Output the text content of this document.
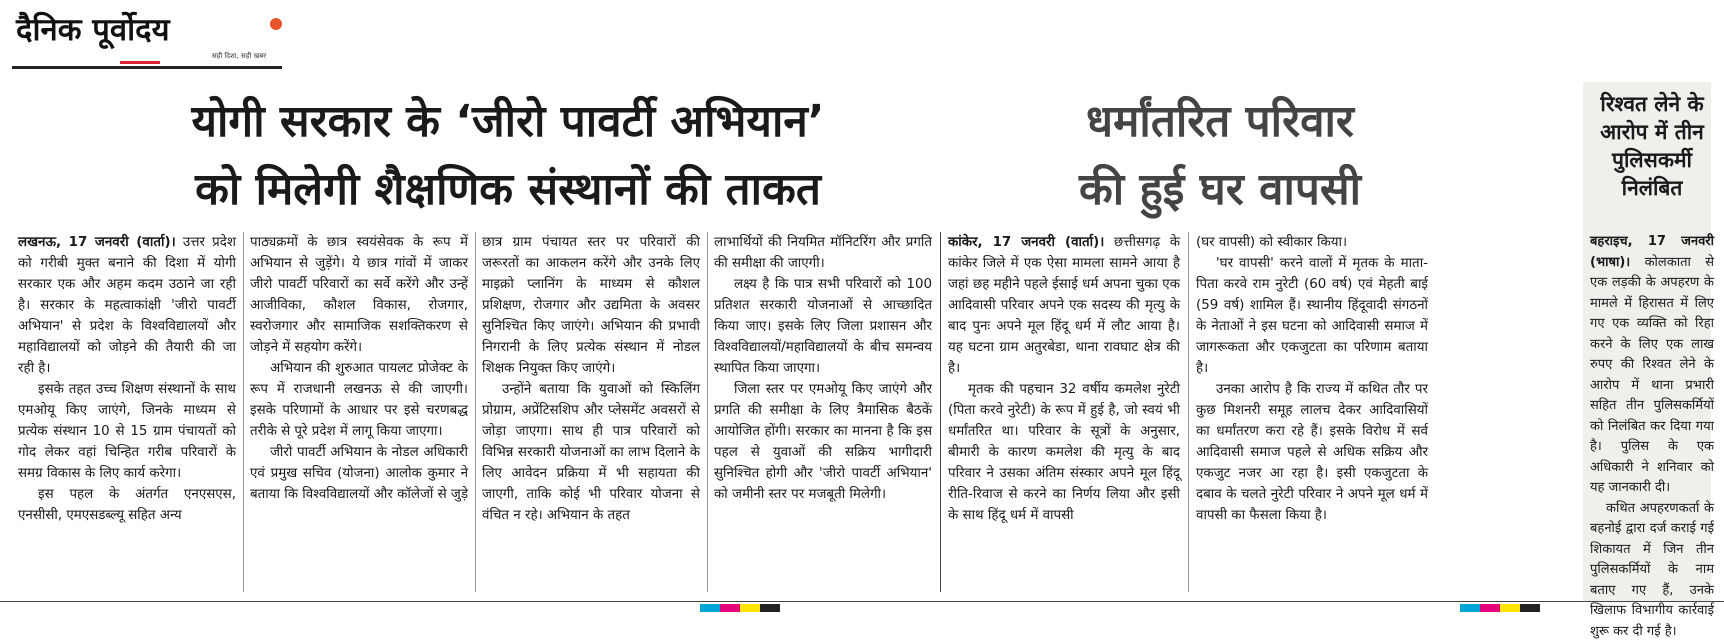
दैनिक पूर्वोदय
सही दिशा, सही खबर
योगी सरकार के ‘जीरो पावर्टी अभियान’
को मिलेगी शैक्षणिक संस्थानों की ताकत
धर्मांतरित परिवार
की हुई घर वापसी

लखनऊ, 17 जनवरी (वार्ता)। उत्तर प्रदेश को गरीबी मुक्त बनाने की दिशा में योगी सरकार एक और अहम कदम उठाने जा रही है। सरकार के महत्वाकांक्षी 'जीरो पावर्टी अभियान' से प्रदेश के विश्वविद्यालयों और महाविद्यालयों को जोड़ने की तैयारी की जा रही है।

इसके तहत उच्च शिक्षण संस्थानों के साथ एमओयू किए जाएंगे, जिनके माध्यम से प्रत्येक संस्थान 10 से 15 ग्राम पंचायतों को गोद लेकर वहां चिन्हित गरीब परिवारों के समग्र विकास के लिए कार्य करेगा।

इस पहल के अंतर्गत एनएसएस, एनसीसी, एमएसडब्ल्यू सहित अन्य

पाठ्यक्रमों के छात्र स्वयंसेवक के रूप में अभियान से जुड़ेंगे। ये छात्र गांवों में जाकर जीरो पावर्टी परिवारों का सर्वे करेंगे और उन्हें आजीविका, कौशल विकास, रोजगार, स्वरोजगार और सामाजिक सशक्तिकरण से जोड़ने में सहयोग करेंगे।

अभियान की शुरुआत पायलट प्रोजेक्ट के रूप में राजधानी लखनऊ से की जाएगी। इसके परिणामों के आधार पर इसे चरणबद्ध तरीके से पूरे प्रदेश में लागू किया जाएगा।

जीरो पावर्टी अभियान के नोडल अधिकारी एवं प्रमुख सचिव (योजना) आलोक कुमार ने बताया कि विश्वविद्यालयों और कॉलेजों से जुड़े

छात्र ग्राम पंचायत स्तर पर परिवारों की जरूरतों का आकलन करेंगे और उनके लिए माइक्रो प्लानिंग के माध्यम से कौशल प्रशिक्षण, रोजगार और उद्यमिता के अवसर सुनिश्चित किए जाएंगे। अभियान की प्रभावी निगरानी के लिए प्रत्येक संस्थान में नोडल शिक्षक नियुक्त किए जाएंगे।

उन्होंने बताया कि युवाओं को स्किलिंग प्रोग्राम, अप्रेंटिसशिप और प्लेसमेंट अवसरों से जोड़ा जाएगा। साथ ही पात्र परिवारों को विभिन्न सरकारी योजनाओं का लाभ दिलाने के लिए आवेदन प्रक्रिया में भी सहायता की जाएगी, ताकि कोई भी परिवार योजना से वंचित न रहे। अभियान के तहत

लाभार्थियों की नियमित मॉनिटरिंग और प्रगति की समीक्षा की जाएगी।

लक्ष्य है कि पात्र सभी परिवारों को 100 प्रतिशत सरकारी योजनाओं से आच्छादित किया जाए। इसके लिए जिला प्रशासन और विश्वविद्यालयों/महाविद्यालयों के बीच समन्वय स्थापित किया जाएगा।

जिला स्तर पर एमओयू किए जाएंगे और प्रगति की समीक्षा के लिए त्रैमासिक बैठकें आयोजित होंगी। सरकार का मानना है कि इस पहल से युवाओं की सक्रिय भागीदारी सुनिश्चित होगी और 'जीरो पावर्टी अभियान' को जमीनी स्तर पर मजबूती मिलेगी।

कांकेर, 17 जनवरी (वार्ता)। छत्तीसगढ़ के कांकेर जिले में एक ऐसा मामला सामने आया है जहां छह महीने पहले ईसाई धर्म अपना चुका एक आदिवासी परिवार अपने एक सदस्य की मृत्यु के बाद पुनः अपने मूल हिंदू धर्म में लौट आया है। यह घटना ग्राम अतुरबेडा, थाना रावघाट क्षेत्र की है।

मृतक की पहचान 32 वर्षीय कमलेश नुरेटी (पिता करवे नुरेटी) के रूप में हुई है, जो स्वयं भी धर्मांतरित था। परिवार के सूत्रों के अनुसार, बीमारी के कारण कमलेश की मृत्यु के बाद परिवार ने उसका अंतिम संस्कार अपने मूल हिंदू रीति-रिवाज से करने का निर्णय लिया और इसी के साथ हिंदू धर्म में वापसी

(घर वापसी) को स्वीकार किया।

'घर वापसी' करने वालों में मृतक के माता-पिता करवे राम नुरेटी (60 वर्ष) एवं मेहती बाई (59 वर्ष) शामिल हैं। स्थानीय हिंदूवादी संगठनों के नेताओं ने इस घटना को आदिवासी समाज में जागरूकता और एकजुटता का परिणाम बताया है।

उनका आरोप है कि राज्य में कथित तौर पर कुछ मिशनरी समूह लालच देकर आदिवासियों का धर्मांतरण करा रहे हैं। इसके विरोध में सर्व आदिवासी समाज पहले से अधिक सक्रिय और एकजुट नजर आ रहा है। इसी एकजुटता के दबाव के चलते नुरेटी परिवार ने अपने मूल धर्म में वापसी का फैसला किया है।

रिश्वत लेने के आरोप में तीन पुलिसकर्मी निलंबित

बहराइच, 17 जनवरी (भाषा)। कोलकाता से एक लड़की के अपहरण के मामले में हिरासत में लिए गए एक व्यक्ति को रिहा करने के लिए एक लाख रुपए की रिश्वत लेने के आरोप में थाना प्रभारी सहित तीन पुलिसकर्मियों को निलंबित कर दिया गया है। पुलिस के एक अधिकारी ने शनिवार को यह जानकारी दी।

कथित अपहरणकर्ता के बहनोई द्वारा दर्ज कराई गई शिकायत में जिन तीन पुलिसकर्मियों के नाम बताए गए हैं, उनके खिलाफ विभागीय कार्रवाई शुरू कर दी गई है।
